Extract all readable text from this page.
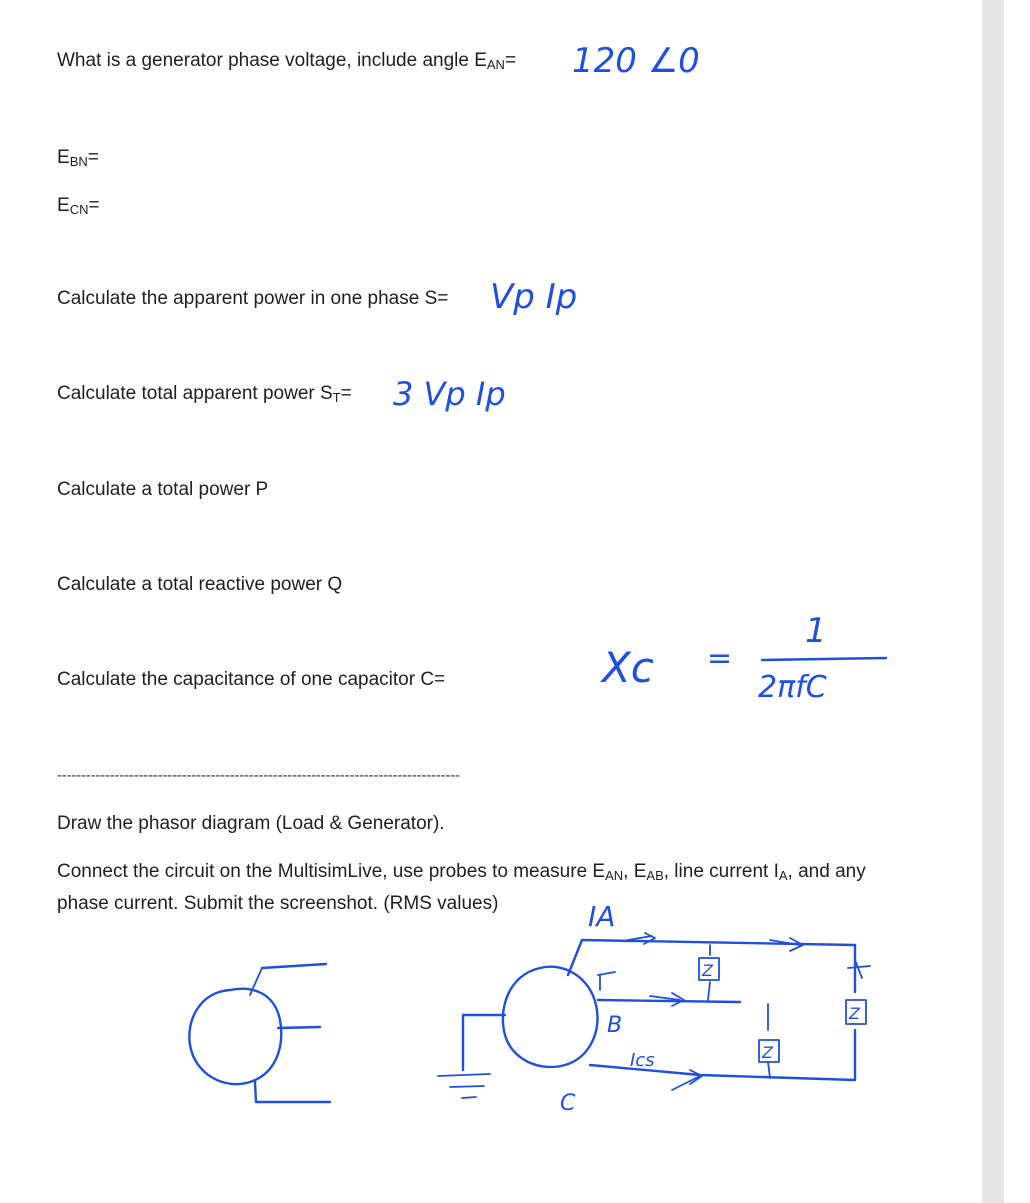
What is a generator phase voltage, include angle $E_{AN}=$
$E_{BN}=$
$E_{CN}=$
Calculate the apparent power in one phase S=
Calculate total apparent power $S_T=$
Calculate a total power P
Calculate a total reactive power Q
Calculate the capacitance of one capacitor C=
------------------------------------------------------------------------------------
Draw the phasor diagram (Load & Generator).
Connect the circuit on the MultisimLive, use probes to measure $E_{AN}$, $E_{AB}$, line current $I_A$, and any phase current. Submit the screenshot. (RMS values)
120 ∠0
Vp Ip
3 Vp Ip
Xc =
1
2πfC
IA
B
C
Ics
Z
Z
Z
